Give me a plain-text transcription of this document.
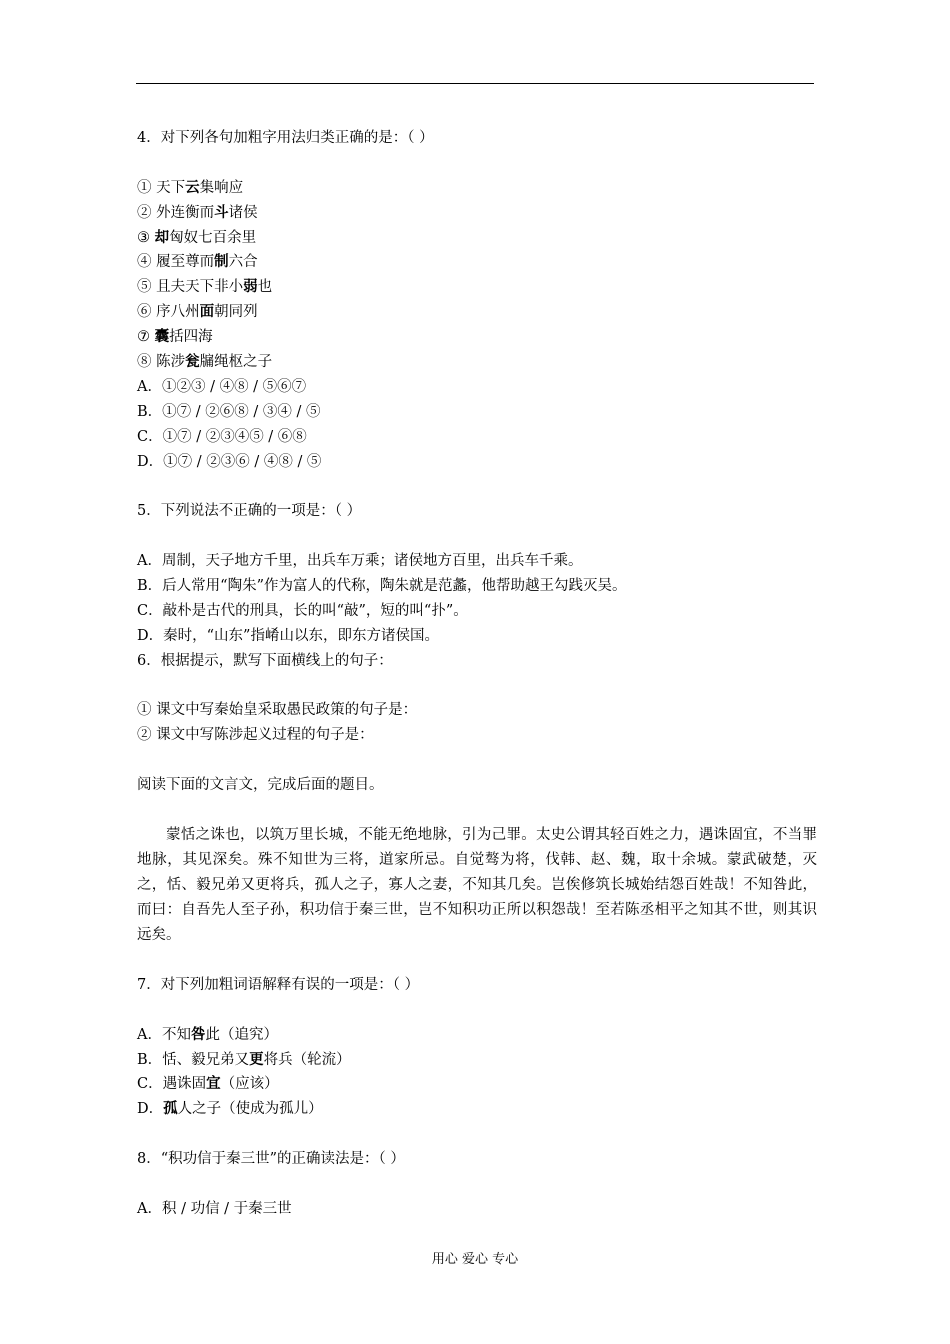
4．对下列各句加粗字用法归类正确的是：（ ）
① 天下云集响应
② 外连衡而斗诸侯
③ 却匈奴七百余里
④ 履至尊而制六合
⑤ 且夫天下非小弱也
⑥ 序八州面朝同列
⑦ 囊括四海
⑧ 陈涉瓮牖绳枢之子
A．①②③ / ④⑧ / ⑤⑥⑦
B．①⑦ / ②⑥⑧ / ③④ / ⑤
C．①⑦ / ②③④⑤ / ⑥⑧
D．①⑦ / ②③⑥ / ④⑧ / ⑤
5．下列说法不正确的一项是：（ ）
A．周制，天子地方千里，出兵车万乘；诸侯地方百里，出兵车千乘。
B．后人常用“陶朱”作为富人的代称，陶朱就是范蠡，他帮助越王勾践灭吴。
C．敲朴是古代的刑具，长的叫“敲”，短的叫“扑”。
D．秦时，“山东”指崤山以东，即东方诸侯国。
6．根据提示，默写下面横线上的句子：
① 课文中写秦始皇采取愚民政策的句子是：
② 课文中写陈涉起义过程的句子是：
阅读下面的文言文，完成后面的题目。
蒙恬之诛也，以筑万里长城，不能无绝地脉，引为己罪。太史公谓其轻百姓之力，遇诛固宜，不当罪地脉，其见深矣。殊不知世为三将，道家所忌。自觉骜为将，伐韩、赵、魏，取十余城。蒙武破楚，灭之，恬、毅兄弟又更将兵，孤人之子，寡人之妻，不知其几矣。岂俟修筑长城始结怨百姓哉！不知咎此，而曰：自吾先人至子孙，积功信于秦三世，岂不知积功正所以积怨哉！至若陈丞相平之知其不世，则其识远矣。
7．对下列加粗词语解释有误的一项是：（ ）
A．不知咎此（追究）
B．恬、毅兄弟又更将兵（轮流）
C．遇诛固宜（应该）
D．孤人之子（使成为孤儿）
8．“积功信于秦三世”的正确读法是：（ ）
A．积 / 功信 / 于秦三世
用心 爱心 专心
